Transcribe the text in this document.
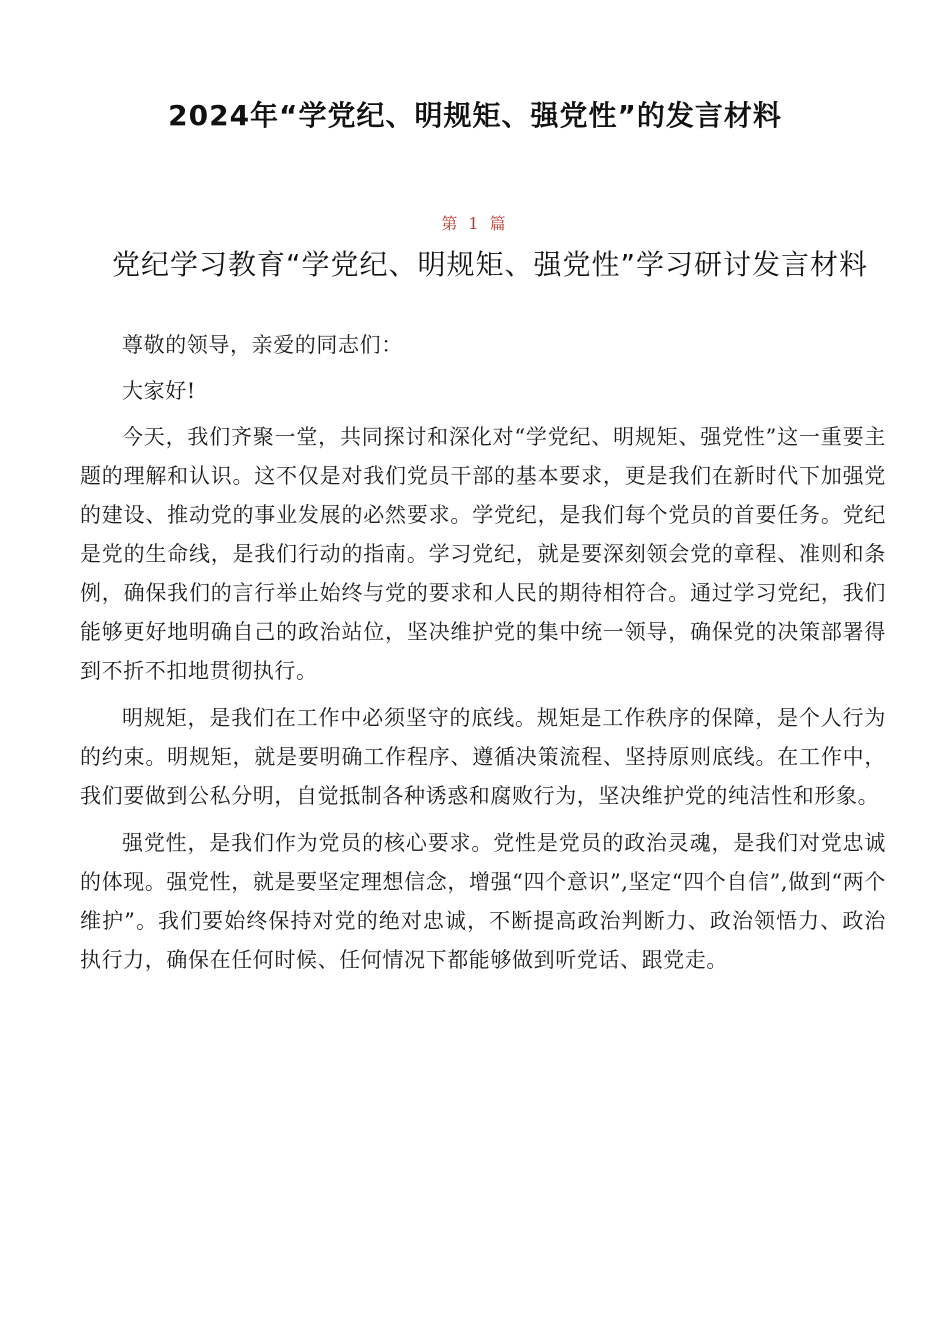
2024年“学党纪、明规矩、强党性”的发言材料
第 1 篇
党纪学习教育“学党纪、明规矩、强党性”学习研讨发言材料

尊敬的领导，亲爱的同志们：

大家好!

今天，我们齐聚一堂，共同探讨和深化对“学党纪、明规矩、强党性”这一重要主题的理解和认识。这不仅是对我们党员干部的基本要求，更是我们在新时代下加强党的建设、推动党的事业发展的必然要求。学党纪，是我们每个党员的首要任务。党纪是党的生命线，是我们行动的指南。学习党纪，就是要深刻领会党的章程、准则和条例，确保我们的言行举止始终与党的要求和人民的期待相符合。通过学习党纪，我们能够更好地明确自己的政治站位，坚决维护党的集中统一领导，确保党的决策部署得到不折不扣地贯彻执行。

明规矩，是我们在工作中必须坚守的底线。规矩是工作秩序的保障，是个人行为的约束。明规矩，就是要明确工作程序、遵循决策流程、坚持原则底线。在工作中，我们要做到公私分明，自觉抵制各种诱惑和腐败行为，坚决维护党的纯洁性和形象。

强党性，是我们作为党员的核心要求。党性是党员的政治灵魂，是我们对党忠诚的体现。强党性，就是要坚定理想信念，增强“四个意识”,坚定“四个自信”,做到“两个维护”。我们要始终保持对党的绝对忠诚，不断提高政治判断力、政治领悟力、政治执行力，确保在任何时候、任何情况下都能够做到听党话、跟党走。
